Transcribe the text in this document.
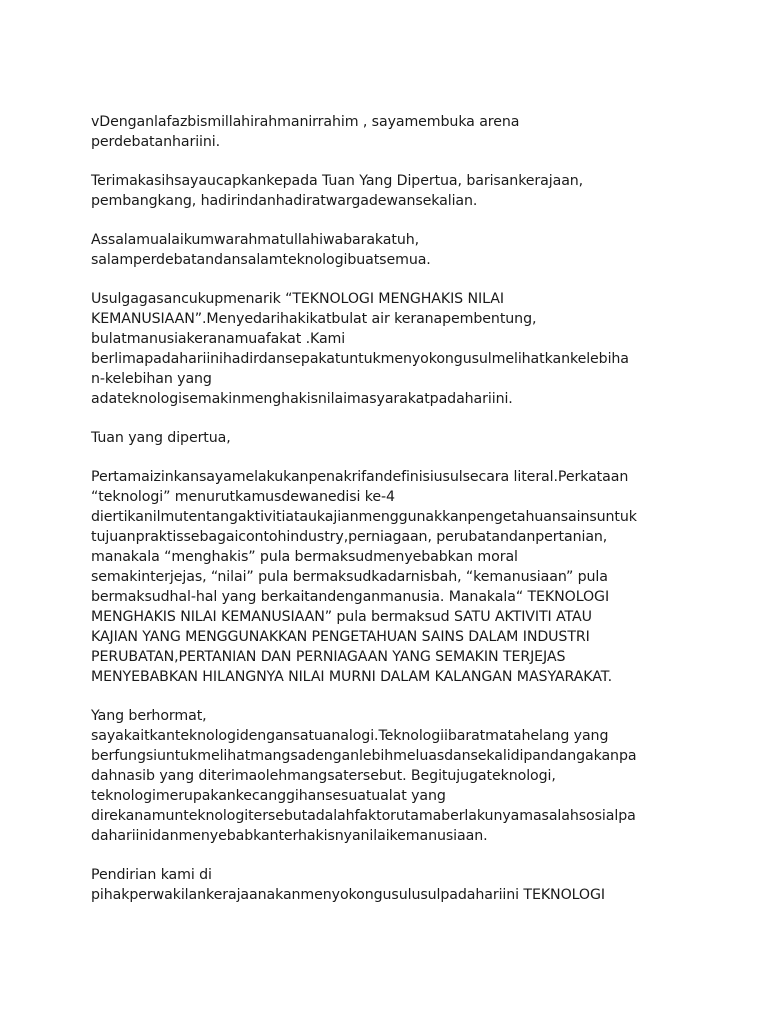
vDenganlafazbismillahirahmanirrahim , sayamembuka arena
perdebatanhariini.

Terimakasihsayaucapkankepada Tuan Yang Dipertua, barisankerajaan,
pembangkang, hadirindanhadiratwargadewansekalian.

Assalamualaikumwarahmatullahiwabarakatuh,
salamperdebatandansalamteknologibuatsemua.

Usulgagasancukupmenarik “TEKNOLOGI MENGHAKIS NILAI
KEMANUSIAAN”.Menyedarihakikatbulat air keranapembentung,
bulatmanusiakeranamuafakat .Kami
berlimapadahariinihadirdansepakatuntukmenyokongusulmelihatkankelebiha
n-kelebihan yang
adateknologisemakinmenghakisnilaimasyarakatpadahariini.

Tuan yang dipertua,

Pertamaizinkansayamelakukanpenakrifandefinisiusulsecara literal.Perkataan
“teknologi” menurutkamusdewanedisi ke-4
diertikanilmutentangaktivitiataukajianmenggunakkanpengetahuansainsuntuk
tujuanpraktissebagaicontohindustry,perniagaan, perubatandanpertanian,
manakala “menghakis” pula bermaksudmenyebabkan moral
semakinterjejas, “nilai” pula bermaksudkadarnisbah, “kemanusiaan” pula
bermaksudhal-hal yang berkaitandenganmanusia. Manakala“ TEKNOLOGI
MENGHAKIS NILAI KEMANUSIAAN” pula bermaksud SATU AKTIVITI ATAU
KAJIAN YANG MENGGUNAKKAN PENGETAHUAN SAINS DALAM INDUSTRI
PERUBATAN,PERTANIAN DAN PERNIAGAAN YANG SEMAKIN TERJEJAS
MENYEBABKAN HILANGNYA NILAI MURNI DALAM KALANGAN MASYARAKAT.

Yang berhormat,
sayakaitkanteknologidengansatuanalogi.Teknologiibaratmatahelang yang
berfungsiuntukmelihatmangsadenganlebihmeluasdansekalidipandangakanpa
dahnasib yang diterimaolehmangsatersebut. Begitujugateknologi,
teknologimerupakankecanggihansesuatualat yang
direkanamunteknologitersebutadalahfaktorutamaberlakunyamasalahsosialpa
dahariinidanmenyebabkanterhakisnyanilaikemanusiaan.

Pendirian kami di
pihakperwakilankerajaanakanmenyokongusulusulpadahariini TEKNOLOGI
